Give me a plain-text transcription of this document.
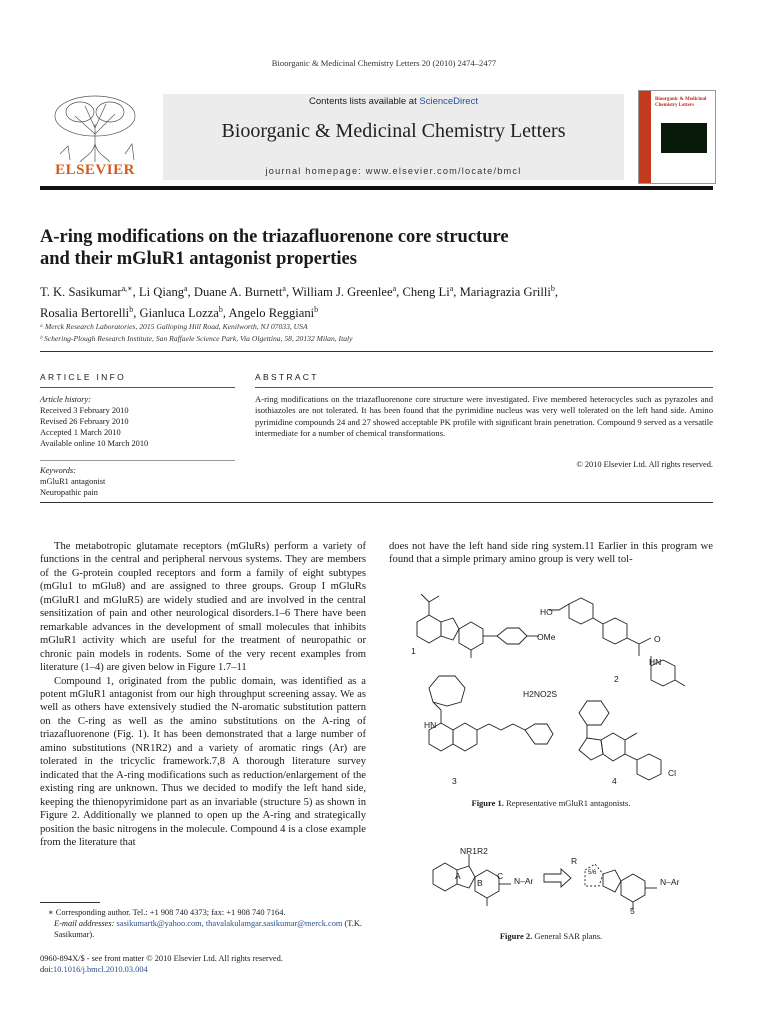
Bioorganic & Medicinal Chemistry Letters 20 (2010) 2474–2477
ELSEVIER
Contents lists available at ScienceDirect
Bioorganic & Medicinal Chemistry Letters
journal homepage: www.elsevier.com/locate/bmcl
Bioorganic & Medicinal Chemistry Letters
A-ring modifications on the triazafluorenone core structure
and their mGluR1 antagonist properties
T. K. Sasikumar$^{a,∗}$, Li Qiang$^a$, Duane A. Burnett$^a$, William J. Greenlee$^a$, Cheng Li$^a$, Mariagrazia Grilli$^b$,
Rosalia Bertorelli$^b$, Gianluca Lozza$^b$, Angelo Reggiani$^b$
ᵃ Merck Research Laboratories, 2015 Galloping Hill Road, Kenilworth, NJ 07033, USA
ᵇ Schering-Plough Research Institute, San Raffaele Science Park, Via Olgettina, 58, 20132 Milan, Italy
ARTICLE INFO
Article history:
Received 3 February 2010
Revised 26 February 2010
Accepted 1 March 2010
Available online 10 March 2010
Keywords:
mGluR1 antagonist
Neuropathic pain
ABSTRACT
A-ring modifications on the triazafluorenone core structure were investigated. Five membered heterocycles such as pyrazoles and isothiazoles are not tolerated. It has been found that the pyrimidine nucleus was very well tolerated on the left hand side. Amino pyrimidine compounds 24 and 27 showed acceptable PK profile with significant brain penetration. Compound 9 served as a versatile intermediate for a number of chemical transformations.
© 2010 Elsevier Ltd. All rights reserved.

The metabotropic glutamate receptors (mGluRs) perform a variety of functions in the central and peripheral nervous systems. They are members of the G-protein coupled receptors and form a family of eight subtypes (mGlu1 to mGlu8) and are assigned to three groups. Group I mGluRs (mGluR1 and mGluR5) are widely studied and are involved in the central sensitization of pain and other neurological disorders.1–6 There have been remarkable advances in the development of small molecules that inhibits mGluR1 activity which are useful for the treatment of neuropathic or chronic pain models in rodents. Some of the very recent examples from literature (1–4) are given below in Figure 1.7–11

Compound 1, originated from the public domain, was identified as a potent mGluR1 antagonist from our high throughput screening assay. We as well as others have extensively studied the N-aromatic substitution pattern on the C-ring as well as the amino substitutions on the A-ring of triazafluorenone (Fig. 1). It has been demonstrated that a large number of amino substitutions (NR1R2) and a variety of aromatic rings (Ar) are tolerated in the tricyclic framework.7,8 A thorough literature survey indicated that the A-ring modifications such as reduction/enlargement of the existing ring are unknown. Thus we decided to modify the left hand side, keeping the thienopyrimidone part as an invariable (structure 5) as shown in Figure 2. Additionally we planned to open up the A-ring and strategically position the basic nitrogens in the molecule. Compound 4 is a close example from the literature that

does not have the left hand side ring system.11 Earlier in this program we found that a simple primary amino group is very well tol-

1
HO
OMe	O
HN
2
H2NO2S
HN
3	4
Cl
Figure 1. Representative mGluR1 antagonists.
NR1R2
A
B
C N–Ar
R
5/6
N–Ar
5
Figure 2. General SAR plans.
∗ Corresponding author. Tel.: +1 908 740 4373; fax: +1 908 740 7164.
E-mail addresses: sasikumartk@yahoo.com, thavalakulamgar.sasikumar@merck.com (T.K. Sasikumar).
0960-894X/$ - see front matter © 2010 Elsevier Ltd. All rights reserved.
doi:10.1016/j.bmcl.2010.03.004
